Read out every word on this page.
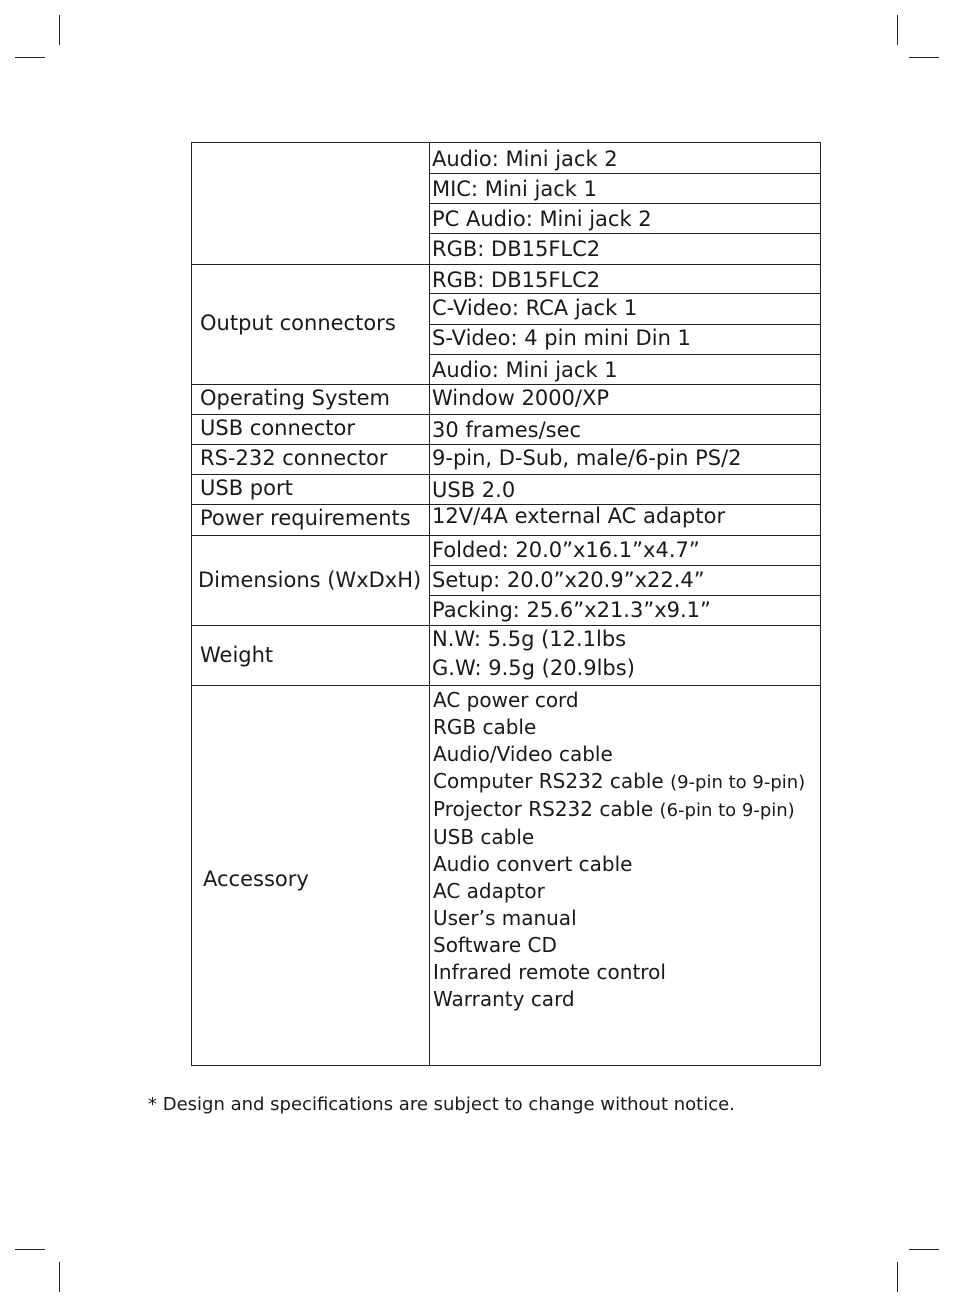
Audio: Mini jack 2
MIC: Mini jack 1
PC Audio: Mini jack 2
RGB: DB15FLC2
Output connectors
RGB: DB15FLC2
C-Video: RCA jack 1
S-Video: 4 pin mini Din 1
Audio: Mini jack 1
Operating System Window 2000/XP
USB connector	30 frames/sec
RS-232 connector 9-pin, D-Sub, male/6-pin PS/2
USB port	USB 2.0
Power requirements 12V/4A external AC adaptor
Dimensions (WxDxH)
Folded: 20.0”x16.1”x4.7”
Setup: 20.0”x20.9”x22.4”
Packing: 25.6”x21.3”x9.1”
Weight
N.W: 5.5g (12.1lbs
G.W: 9.5g (20.9lbs)
Accessory
AC power cord
RGB cable
Audio/Video cable
Computer RS232 cable (9-pin to 9-pin)
Projector RS232 cable (6-pin to 9-pin)
USB cable
Audio convert cable
AC adaptor
User’s manual
Software CD
Infrared remote control
Warranty card
* Design and specifications are subject to change without notice.
